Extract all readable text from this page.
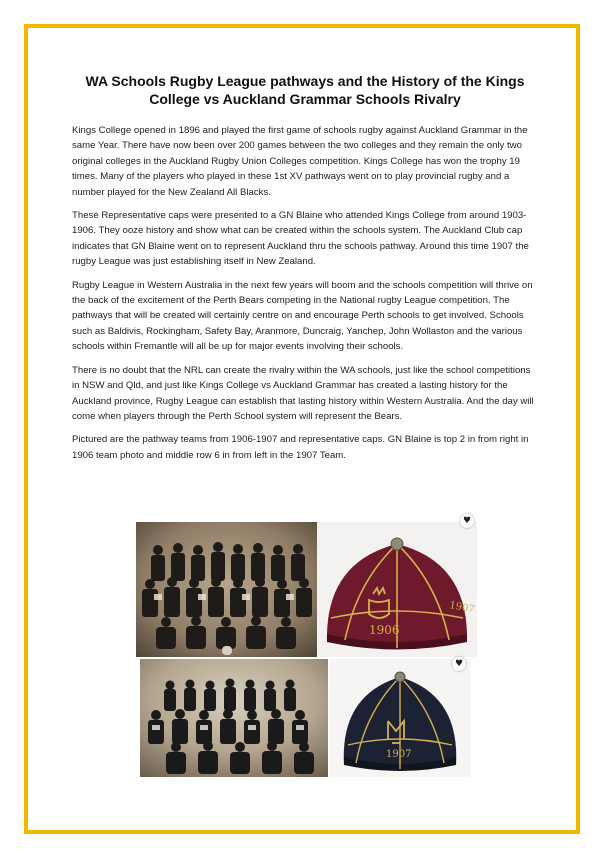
WA Schools Rugby League pathways and the History of the Kings College vs Auckland Grammar Schools Rivalry

Kings College opened in 1896 and played the first game of schools rugby against Auckland Grammar in the same Year. There have now been over 200 games between the two colleges and they remain the only two original colleges in the Auckland Rugby Union Colleges competition. Kings College has won the trophy 19 times. Many of the players who played in these 1st XV pathways went on to play provincial rugby and a number played for the New Zealand All Blacks.

These Representative caps were presented to a GN Blaine who attended Kings College from around 1903-1906. They ooze history and show what can be created within the schools system. The Auckland Club cap indicates that GN Blaine went on to represent Auckland thru the schools pathway. Around this time 1907 the rugby League was just establishing itself in New Zealand.

Rugby League in Western Australia in the next few years will boom and the schools competition will thrive on the back of the excitement of the Perth Bears competing in the National rugby League competition. The pathways that will be created will certainly centre on and encourage Perth schools to get involved. Schools such as Baldivis, Rockingham, Safety Bay, Aranmore, Duncraig, Yanchep, John Wollaston and the various schools within Fremantle will all be up for major events involving their schools.

There is no doubt that the NRL can create the rivalry within the WA schools, just like the school competitions in NSW and Qld, and just like Kings College vs Auckland Grammar has created a lasting history for the Auckland province, Rugby League can establish that lasting history within Western Australia. And the day will come when players through the Perth School system will represent the Bears.

Pictured are the pathway teams from 1906-1907 and representative caps. GN Blaine is top 2 in from right in 1906 team photo and middle row 6 in from left in the 1907 Team.

1906
1907
♥
1907
♥
